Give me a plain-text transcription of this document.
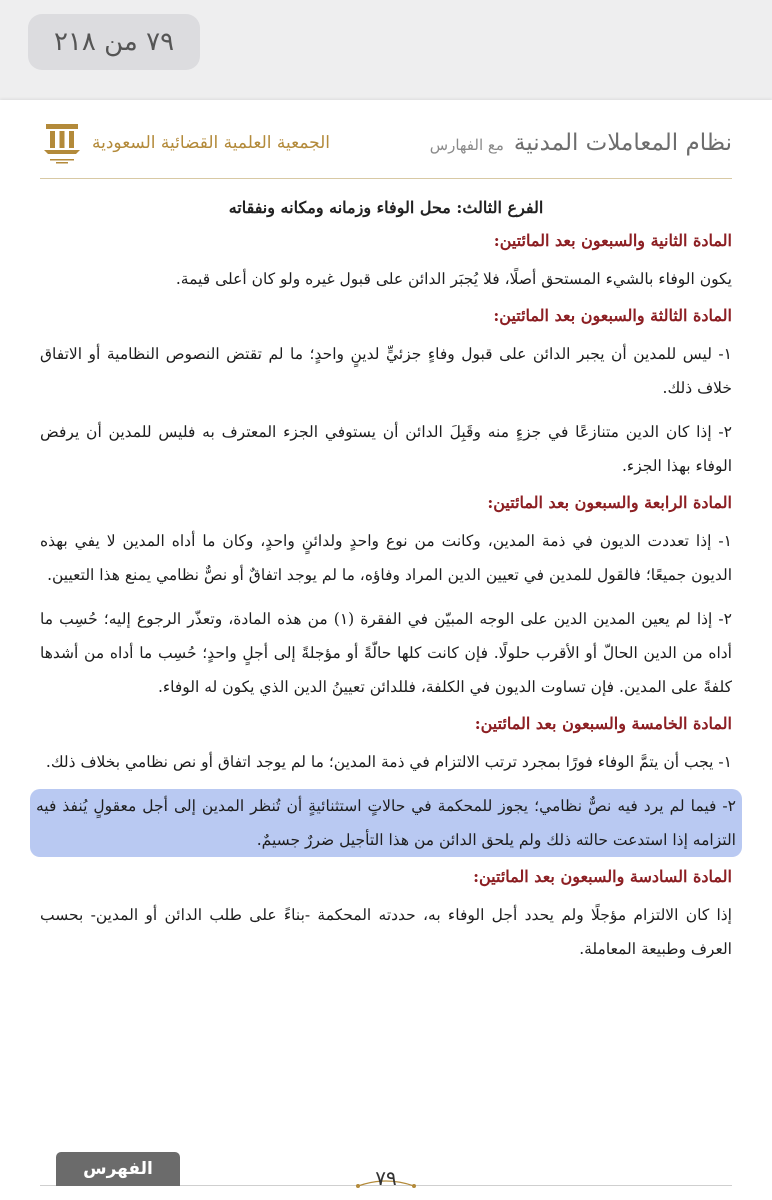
٧٩ من ٢١٨
الجمعية العلمية القضائية السعودية	نظام المعاملات المدنية
مع الفهارس
الفرع الثالث: محل الوفاء وزمانه ومكانه ونفقاته
المادة الثانية والسبعون بعد المائتين:

يكون الوفاء بالشيء المستحق أصلًا، فلا يُجبَر الدائن على قبول غيره ولو كان أعلى قيمة.

المادة الثالثة والسبعون بعد المائتين:

١- ليس للمدين أن يجبر الدائن على قبول وفاءٍ جزئيٍّ لدينٍ واحدٍ؛ ما لم تقتض النصوص النظامية أو الاتفاق خلاف ذلك.

٢- إذا كان الدين متنازعًا في جزءٍ منه وقَبِلَ الدائن أن يستوفي الجزء المعترف به فليس للمدين أن يرفض الوفاء بهذا الجزء.

المادة الرابعة والسبعون بعد المائتين:

١- إذا تعددت الديون في ذمة المدين، وكانت من نوع واحدٍ ولدائنٍ واحدٍ، وكان ما أداه المدين لا يفي بهذه الديون جميعًا؛ فالقول للمدين في تعيين الدين المراد وفاؤه، ما لم يوجد اتفاقٌ أو نصٌّ نظامي يمنع هذا التعيين.

٢- إذا لم يعين المدين الدين على الوجه المبيّن في الفقرة (١) من هذه المادة، وتعذّر الرجوع إليه؛ حُسِب ما أداه من الدين الحالّ أو الأقرب حلولًا. فإن كانت كلها حالّةً أو مؤجلةً إلى أجلٍ واحدٍ؛ حُسِب ما أداه من أشدها كلفةً على المدين. فإن تساوت الديون في الكلفة، فللدائن تعيينُ الدين الذي يكون له الوفاء.

المادة الخامسة والسبعون بعد المائتين:

١- يجب أن يتمَّ الوفاء فورًا بمجرد ترتب الالتزام في ذمة المدين؛ ما لم يوجد اتفاق أو نص نظامي بخلاف ذلك.

٢- فيما لم يرد فيه نصٌّ نظامي؛ يجوز للمحكمة في حالاتٍ استثنائيةٍ أن تُنظر المدين إلى أجل معقولٍ يُنفذ فيه التزامه إذا استدعت حالته ذلك ولم يلحق الدائن من هذا التأجيل ضررٌ جسيمٌ.

المادة السادسة والسبعون بعد المائتين:

إذا كان الالتزام مؤجلًا ولم يحدد أجل الوفاء به، حددته المحكمة -بناءً على طلب الدائن أو المدين- بحسب العرف وطبيعة المعاملة.

الفهرس	٧٩
